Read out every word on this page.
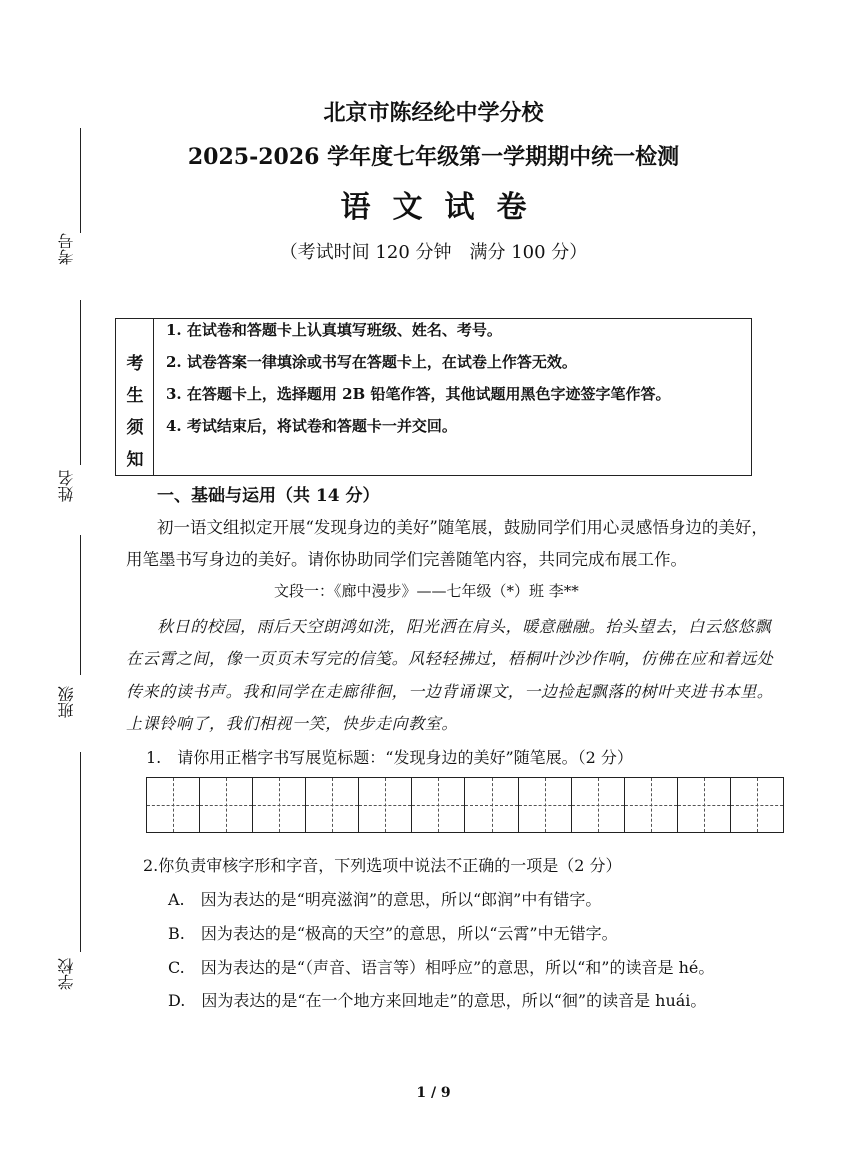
考号
姓名
班级
学校
北京市陈经纶中学分校
2025-2026 学年度七年级第一学期期中统一检测
语文试卷
（考试时间 120 分钟　满分 100 分）
考
生
须
知
1. 在试卷和答题卡上认真填写班级、姓名、考号。
2. 试卷答案一律填涂或书写在答题卡上，在试卷上作答无效。
3. 在答题卡上，选择题用 2B 铅笔作答，其他试题用黑色字迹签字笔作答。
4. 考试结束后，将试卷和答题卡一并交回。
一、基础与运用（共 14 分）
初一语文组拟定开展“发现身边的美好”随笔展，鼓励同学们用心灵感悟身边的美好，
用笔墨书写身边的美好。请你协助同学们完善随笔内容，共同完成布展工作。
文段一：《廊中漫步》——七年级（*）班 李**
秋日的校园，雨后天空朗鸿如洗，阳光洒在肩头，暖意融融。抬头望去，白云悠悠飘
在云霄之间，像一页页未写完的信笺。风轻轻拂过，梧桐叶沙沙作响，仿佛在应和着远处
传来的读书声。我和同学在走廊徘徊，一边背诵课文，一边捡起飘落的树叶夹进书本里。
上课铃响了，我们相视一笑，快步走向教室。
1.　请你用正楷字书写展览标题：“发现身边的美好”随笔展。（2 分）
2.你负责审核字形和字音，下列选项中说法不正确的一项是（2 分）
A.　因为表达的是“明亮滋润”的意思，所以“郎润”中有错字。
B.　因为表达的是“极高的天空”的意思，所以“云霄”中无错字。
C.　因为表达的是“（声音、语言等）相呼应”的意思，所以“和”的读音是 hé。
D.　因为表达的是“在一个地方来回地走”的意思，所以“徊”的读音是 huái。
1 / 9
